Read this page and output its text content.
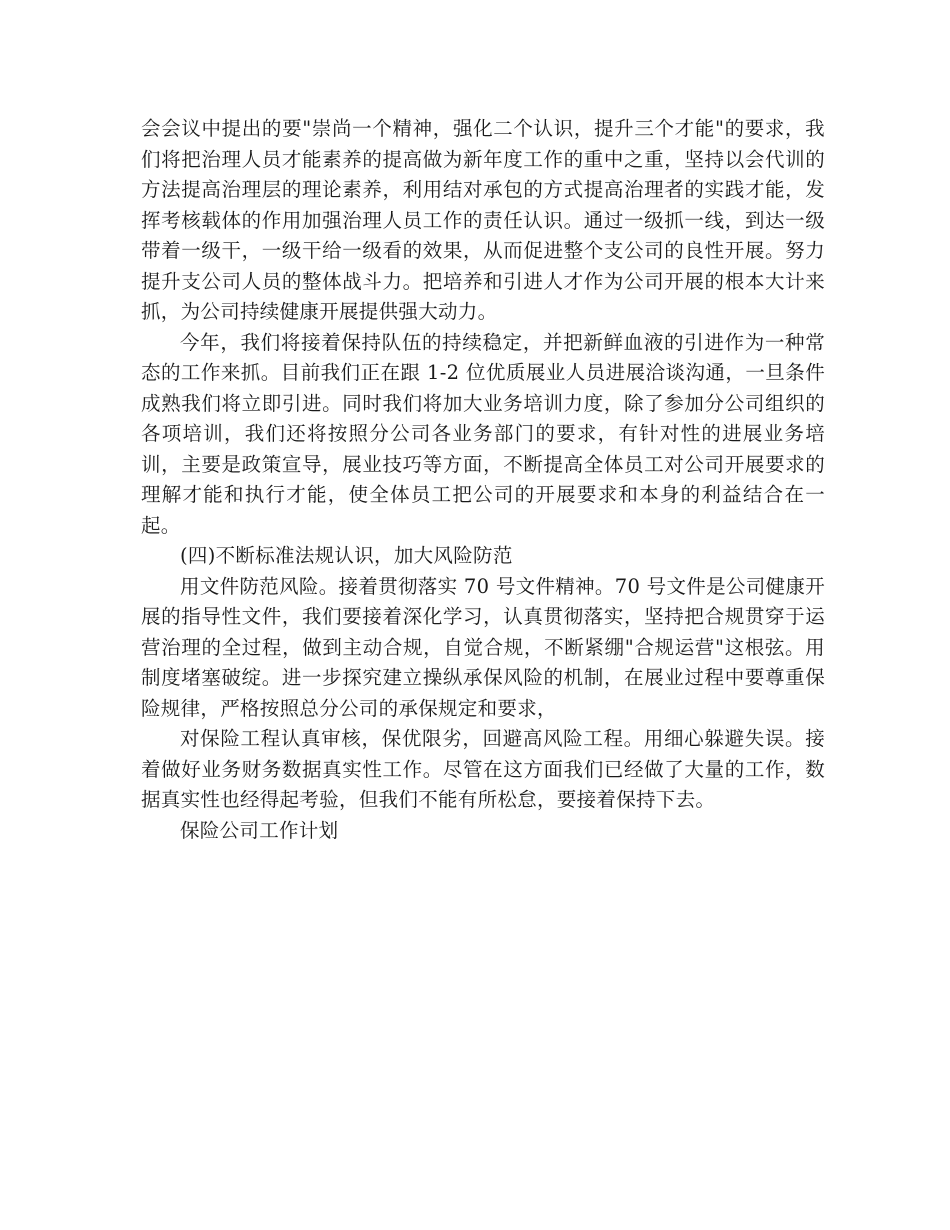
会会议中提出的要"崇尚一个精神，强化二个认识，提升三个才能"的要求，我们将把治理人员才能素养的提高做为新年度工作的重中之重，坚持以会代训的方法提高治理层的理论素养，利用结对承包的方式提高治理者的实践才能，发挥考核载体的作用加强治理人员工作的责任认识。通过一级抓一线，到达一级带着一级干，一级干给一级看的效果，从而促进整个支公司的良性开展。努力提升支公司人员的整体战斗力。把培养和引进人才作为公司开展的根本大计来抓，为公司持续健康开展提供强大动力。

今年，我们将接着保持队伍的持续稳定，并把新鲜血液的引进作为一种常态的工作来抓。目前我们正在跟 1-2 位优质展业人员进展洽谈沟通，一旦条件成熟我们将立即引进。同时我们将加大业务培训力度，除了参加分公司组织的各项培训，我们还将按照分公司各业务部门的要求，有针对性的进展业务培训，主要是政策宣导，展业技巧等方面，不断提高全体员工对公司开展要求的理解才能和执行才能，使全体员工把公司的开展要求和本身的利益结合在一起。

(四)不断标准法规认识，加大风险防范

用文件防范风险。接着贯彻落实 70 号文件精神。70 号文件是公司健康开展的指导性文件，我们要接着深化学习，认真贯彻落实，坚持把合规贯穿于运营治理的全过程，做到主动合规，自觉合规，不断紧绷"合规运营"这根弦。用制度堵塞破绽。进一步探究建立操纵承保风险的机制，在展业过程中要尊重保险规律，严格按照总分公司的承保规定和要求，

对保险工程认真审核，保优限劣，回避高风险工程。用细心躲避失误。接着做好业务财务数据真实性工作。尽管在这方面我们已经做了大量的工作，数据真实性也经得起考验，但我们不能有所松怠，要接着保持下去。

保险公司工作计划
